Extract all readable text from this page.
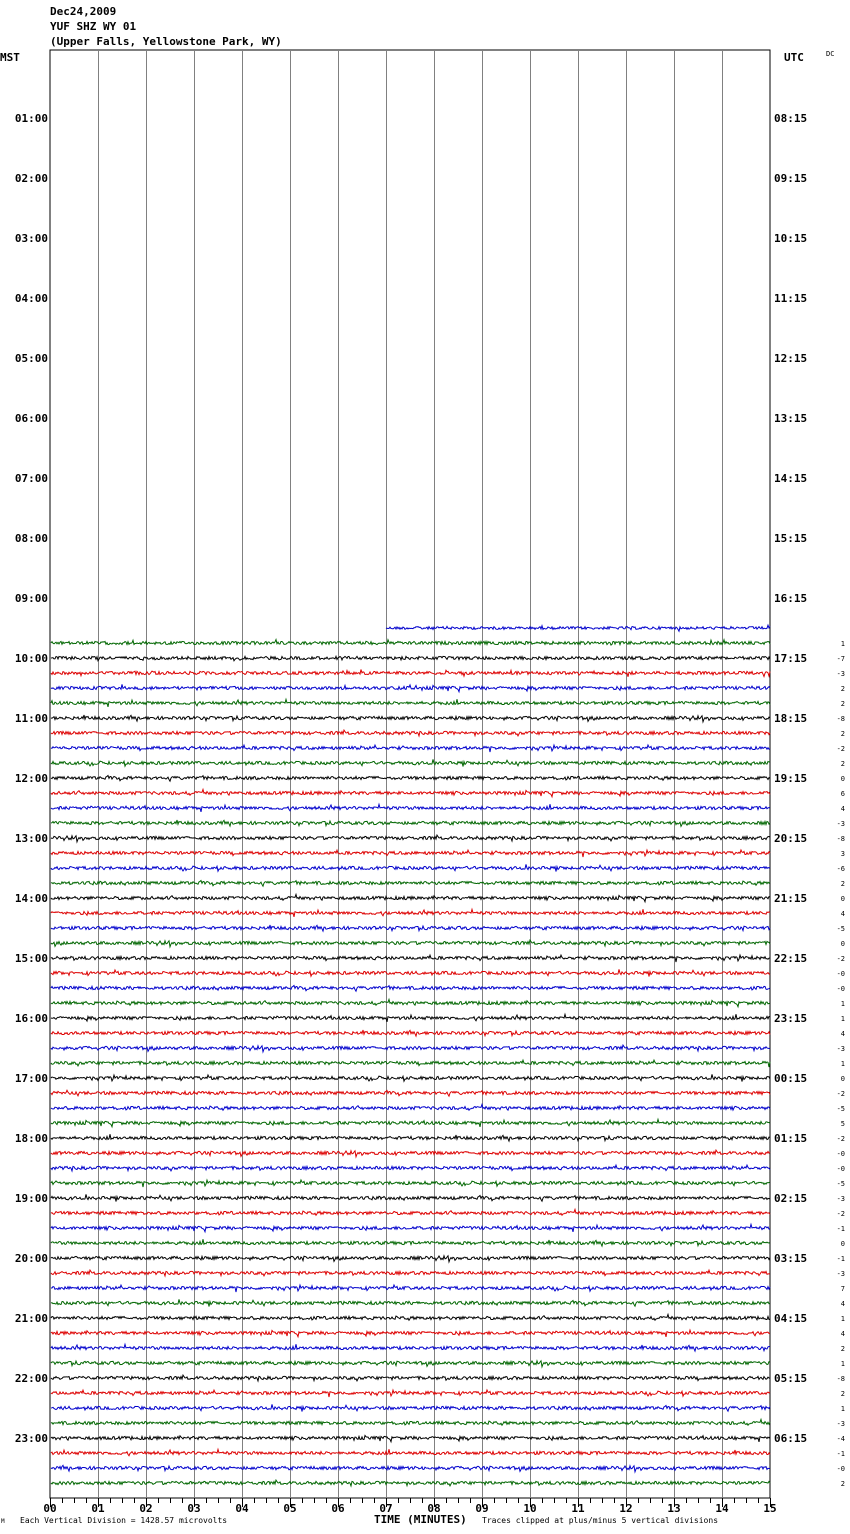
Dec24,2009
YUF SHZ WY 01
(Upper Falls, Yellowstone Park, WY)
MST	UTC	DC
00	01	02	03	04	05	06	07	08	09	10	11	12	13	14	15
01:00
02:00
03:00
04:00
05:00
06:00
07:00
08:00
09:00
10:00
11:00
12:00
13:00
14:00
15:00
16:00
17:00
18:00
19:00
20:00
21:00
22:00
23:00
08:15
09:15
10:15
11:15
12:15
13:15
14:15
15:15
16:15
17:15
18:15
19:15
20:15
21:15
22:15
23:15
00:15
01:15
02:15
03:15
04:15
05:15
06:15
1
-7
-3
2
2
-8
2
-2
2
0
6
4
-3
-8
3
-6
2
0
4
-5
0
-2
-0
-0
1
1
4
-3
1
0
-2
-5
5
-2
-0
-0
-5
-3
-2
-1
0
-1
-3
7
4
1
4
2
1
-8
2
1
-3
-4
-1
-0
2
TIME (MINUTES)
M Each Vertical Division = 1428.57 microvolts	Traces clipped at plus/minus 5 vertical divisions
